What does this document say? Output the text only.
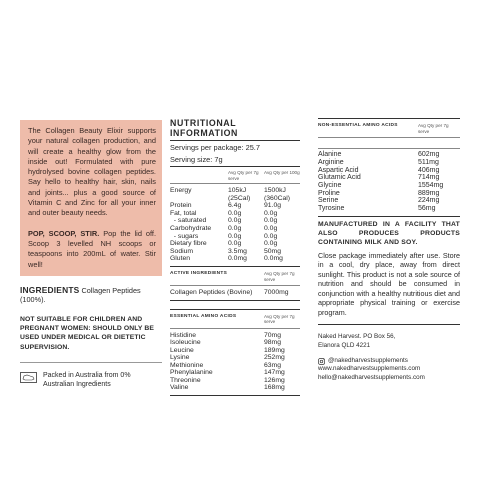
The Collagen Beauty Elixir supports your natural collagen production, and will create a healthy glow from the inside out! Formulated with pure hydrolysed bovine collagen peptides. Say hello to healthy hair, skin, nails and joints... plus a good source of Vitamin C and Zinc for all your inner and outer beauty needs.

POP, SCOOP, STIR. Pop the lid off. Scoop 3 levelled NH scoops or teaspoons into 200mL of water. Stir well!

INGREDIENTS Collagen Peptides (100%).
NOT SUITABLE FOR CHILDREN AND PREGNANT WOMEN: SHOULD ONLY BE USED UNDER MEDICAL OR DIETETIC SUPERVISION.
Packed in Australia from 0% Australian Ingredients
NUTRITIONAL INFORMATION
Servings per package: 25.7
Serving size: 7g
Avg Qty per 7g serve
Avg Qty per 100g
Energy	105kJ	1500kJ
(25Cal)	(360Cal)
Protein	6.4g	91.0g
Fat, total	0.0g	0.0g
- saturated	0.0g	0.0g
Carbohydrate	0.0g	0.0g
- sugars	0.0g	0.0g
Dietary fibre	0.0g	0.0g
Sodium	3.5mg	50mg
Gluten	0.0mg	0.0mg
ACTIVE INGREDIENTS	Avg Qty per 7g serve
Collagen Peptides (Bovine)	7000mg
ESSENTIAL AMINO ACIDS	Avg Qty per 7g serve
Histidine	70mg
Isoleucine	98mg
Leucine	189mg
Lysine	252mg
Methionine	63mg
Phenylalanine	147mg
Threonine	126mg
Valine	168mg
NON-ESSENTIAL AMINO ACIDS	Avg Qty per 7g serve
Alanine	602mg
Arginine	511mg
Aspartic Acid	406mg
Glutamic Acid	714mg
Glycine	1554mg
Proline	889mg
Serine	224mg
Tyrosine	56mg
MANUFACTURED IN A FACILITY THAT ALSO PRODUCES PRODUCTS CONTAINING MILK AND SOY.
Close package immediately after use. Store in a cool, dry place, away from direct sunlight. This product is not a sole source of nutrition and should be consumed in conjunction with a healthy nutritious diet and appropriate physical training or exercise program.
Naked Harvest. PO Box 56,
Elanora QLD 4221
@nakedharvestsupplements
www.nakedharvestsupplements.com
hello@nakedharvestsupplements.com
